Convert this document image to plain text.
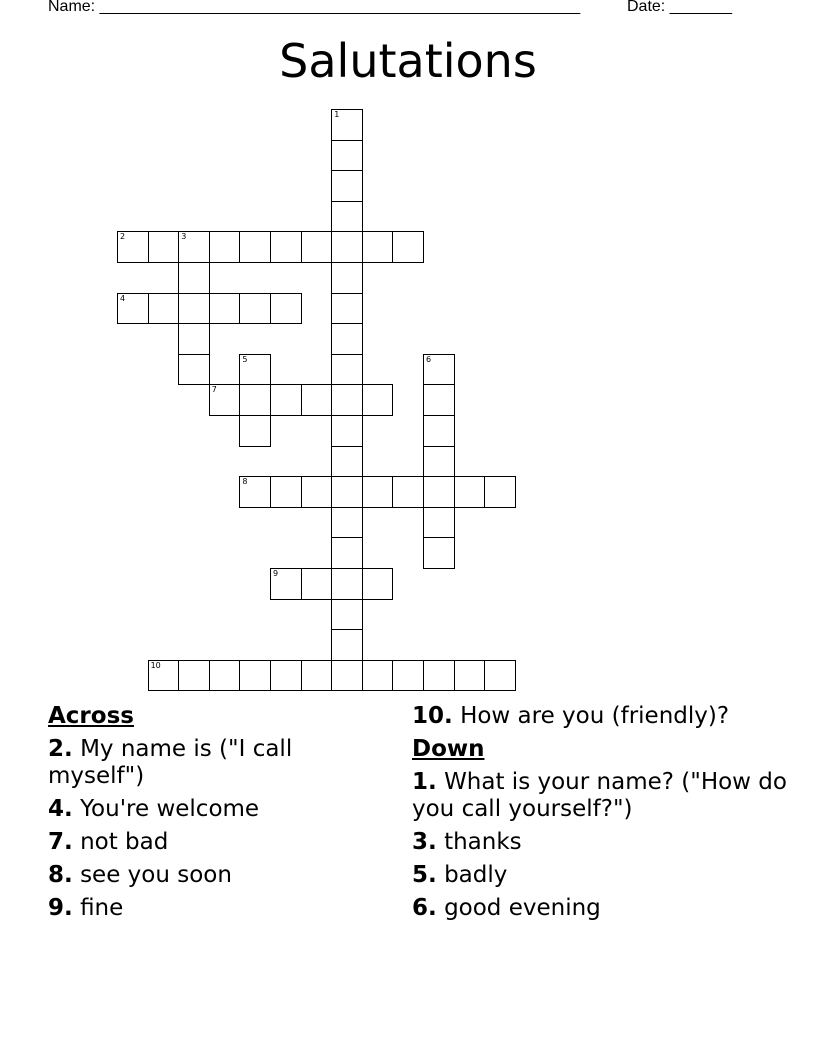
Name: ______________________________________________________	Date: _______
Salutations
1
2	3
4
5	6
7
8
9
10
Across
2. My name is ("I call myself")
4. You're welcome
7. not bad
8. see you soon
9. fine
10. How are you (friendly)?
Down
1. What is your name? ("How do you call yourself?")
3. thanks
5. badly
6. good evening
